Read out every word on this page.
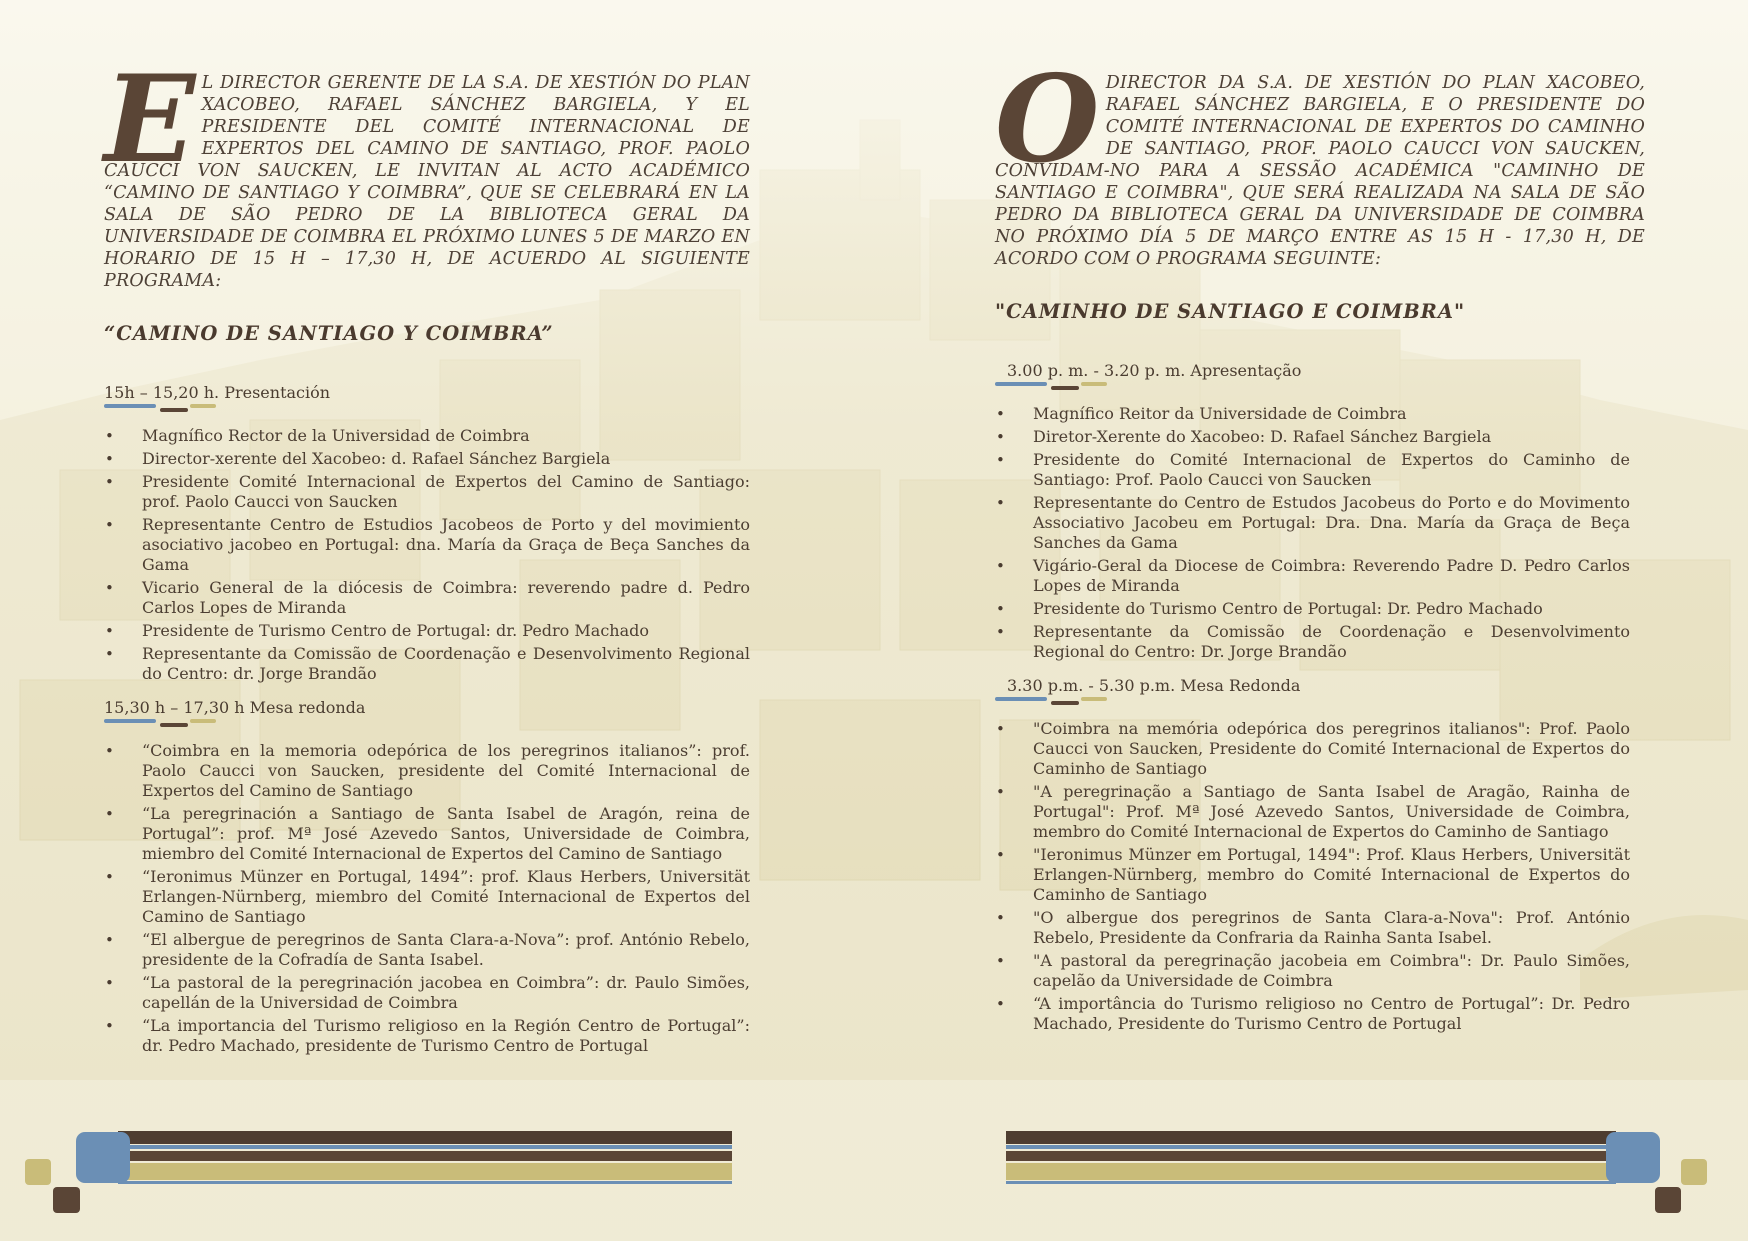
E L DIRECTOR GERENTE DE LA S.A. DE XESTIÓN DO PLAN XACOBEO, RAFAEL SÁNCHEZ BARGIELA, Y EL PRESIDENTE DEL COMITÉ INTERNACIONAL DE EXPERTOS DEL CAMINO DE SANTIAGO, PROF. PAOLO CAUCCI VON SAUCKEN, LE INVITAN AL ACTO ACADÉMICO “CAMINO DE SANTIAGO Y COIMBRA”, QUE SE CELEBRARÁ EN LA SALA DE SÃO PEDRO DE LA BIBLIOTECA GERAL DA UNIVERSIDADE DE COIMBRA EL PRÓXIMO LUNES 5 DE MARZO EN HORARIO DE 15 H – 17,30 H, DE ACUERDO AL SIGUIENTE PROGRAMA:

“CAMINO DE SANTIAGO Y COIMBRA”

15h – 15,20 h. Presentación

• Magnífico Rector de la Universidad de Coimbra
• Director-xerente del Xacobeo: d. Rafael Sánchez Bargiela
• Presidente Comité Internacional de Expertos del Camino de Santiago: prof. Paolo Caucci von Saucken
• Representante Centro de Estudios Jacobeos de Porto y del movimiento asociativo jacobeo en Portugal: dna. María da Graça de Beça Sanches da Gama
• Vicario General de la diócesis de Coimbra: reverendo padre d. Pedro Carlos Lopes de Miranda
• Presidente de Turismo Centro de Portugal: dr. Pedro Machado
• Representante da Comissão de Coordenação e Desenvolvimento Regional do Centro: dr. Jorge Brandão

15,30 h – 17,30 h Mesa redonda

• “Coimbra en la memoria odepórica de los peregrinos italianos”: prof. Paolo Caucci von Saucken, presidente del Comité Internacional de Expertos del Camino de Santiago
• “La peregrinación a Santiago de Santa Isabel de Aragón, reina de Portugal”: prof. Mª José Azevedo Santos, Universidade de Coimbra, miembro del Comité Internacional de Expertos del Camino de Santiago
• “Ieronimus Münzer en Portugal, 1494”: prof. Klaus Herbers, Universität Erlangen-Nürnberg, miembro del Comité Internacional de Expertos del Camino de Santiago
• “El albergue de peregrinos de Santa Clara-a-Nova”: prof. António Rebelo, presidente de la Cofradía de Santa Isabel.
• “La pastoral de la peregrinación jacobea en Coimbra”: dr. Paulo Simões, capellán de la Universidad de Coimbra
• “La importancia del Turismo religioso en la Región Centro de Portugal”: dr. Pedro Machado, presidente de Turismo Centro de Portugal
O DIRECTOR DA S.A. DE XESTIÓN DO PLAN XACOBEO, RAFAEL SÁNCHEZ BARGIELA, E O PRESIDENTE DO COMITÉ INTERNACIONAL DE EXPERTOS DO CAMINHO DE SANTIAGO, PROF. PAOLO CAUCCI VON SAUCKEN, CONVIDAM-NO PARA A SESSÃO ACADÉMICA "CAMINHO DE SANTIAGO E COIMBRA", QUE SERÁ REALIZADA NA SALA DE SÃO PEDRO DA BIBLIOTECA GERAL DA UNIVERSIDADE DE COIMBRA NO PRÓXIMO DÍA 5 DE MARÇO ENTRE AS 15 H - 17,30 H, DE ACORDO COM O PROGRAMA SEGUINTE:

"CAMINHO DE SANTIAGO E COIMBRA"

3.00 p. m. - 3.20 p. m. Apresentação

• Magnífico Reitor da Universidade de Coimbra
• Diretor-Xerente do Xacobeo: D. Rafael Sánchez Bargiela
• Presidente do Comité Internacional de Expertos do Caminho de Santiago: Prof. Paolo Caucci von Saucken
• Representante do Centro de Estudos Jacobeus do Porto e do Movimento Associativo Jacobeu em Portugal: Dra. Dna. María da Graça de Beça Sanches da Gama
• Vigário-Geral da Diocese de Coimbra: Reverendo Padre D. Pedro Carlos Lopes de Miranda
• Presidente do Turismo Centro de Portugal: Dr. Pedro Machado
• Representante da Comissão de Coordenação e Desenvolvimento Regional do Centro: Dr. Jorge Brandão

3.30 p.m. - 5.30 p.m. Mesa Redonda

• "Coimbra na memória odepórica dos peregrinos italianos": Prof. Paolo Caucci von Saucken, Presidente do Comité Internacional de Expertos do Caminho de Santiago
• "A peregrinação a Santiago de Santa Isabel de Aragão, Rainha de Portugal": Prof. Mª José Azevedo Santos, Universidade de Coimbra, membro do Comité Internacional de Expertos do Caminho de Santiago
• "Ieronimus Münzer em Portugal, 1494": Prof. Klaus Herbers, Universität Erlangen-Nürnberg, membro do Comité Internacional de Expertos do Caminho de Santiago
• "O albergue dos peregrinos de Santa Clara-a-Nova": Prof. António Rebelo, Presidente da Confraria da Rainha Santa Isabel.
• "A pastoral da peregrinação jacobeia em Coimbra": Dr. Paulo Simões, capelão da Universidade de Coimbra
• “A importância do Turismo religioso no Centro de Portugal”: Dr. Pedro Machado, Presidente do Turismo Centro de Portugal
